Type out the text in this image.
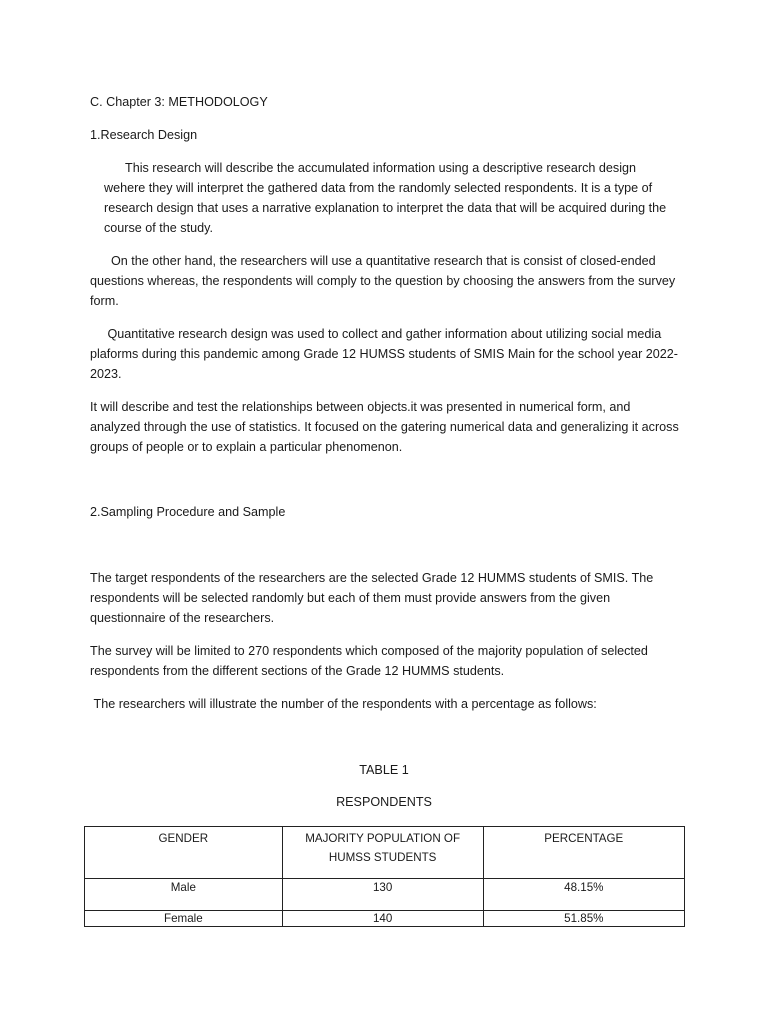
C. Chapter 3: METHODOLOGY
1.Research Design

This research will describe the accumulated information using a descriptive research design wehere they will interpret the gathered data from the randomly selected respondents. It is a type of research design that uses a narrative explanation to interpret the data that will be acquired during the course of the study.

On the other hand, the researchers will use a quantitative research that is consist of closed-ended questions whereas, the respondents will comply to the question by choosing the answers from the survey form.

Quantitative research design was used to collect and gather information about utilizing social media plaforms during this pandemic among Grade 12 HUMSS students of SMIS Main for the school year 2022-2023.

It will describe and test the relationships between objects.it was presented in numerical form, and analyzed through the use of statistics. It focused on the gatering numerical data and generalizing it across groups of people or to explain a particular phenomenon.

2.Sampling Procedure and Sample

The target respondents of the researchers are the selected Grade 12 HUMMS students of SMIS. The respondents will be selected randomly but each of them must provide answers from the given questionnaire of the researchers.

The survey will be limited to 270 respondents which composed of the majority population of selected respondents from the different sections of the Grade 12 HUMMS students.

The researchers will illustrate the number of the respondents with a percentage as follows:

TABLE 1
RESPONDENTS
GENDER	MAJORITY POPULATION OF HUMSS STUDENTS	PERCENTAGE
Male	130	48.15%
Female	140	51.85%
